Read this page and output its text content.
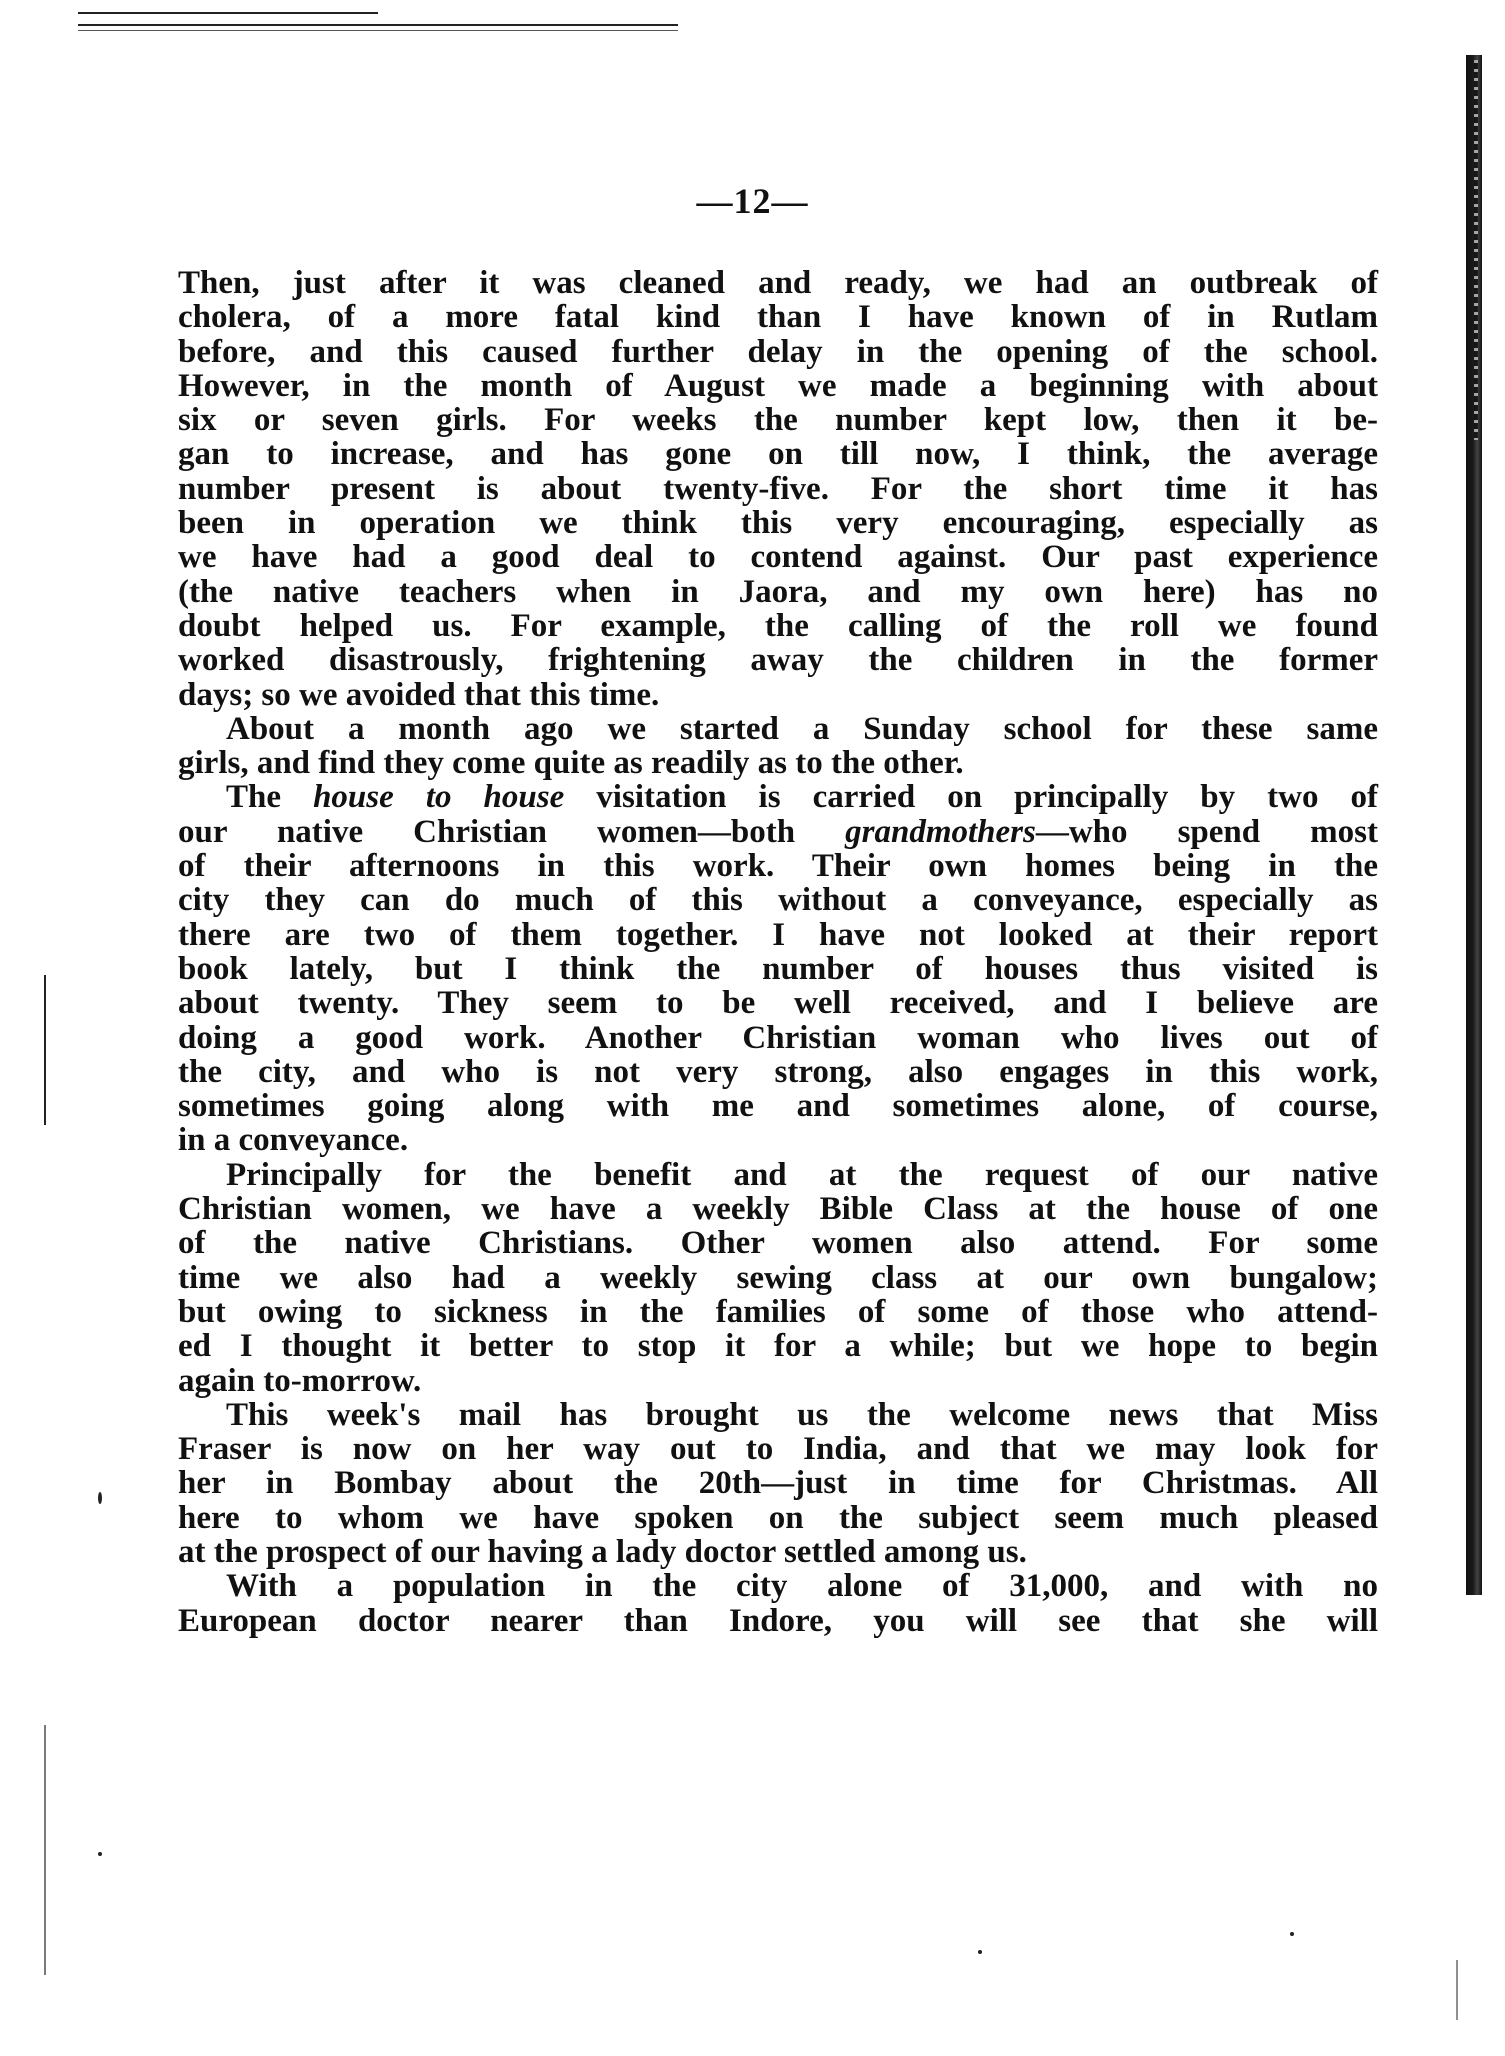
—12—
Then, just after it was cleaned and ready, we had an outbreak of
cholera, of a more fatal kind than I have known of in Rutlam
before, and this caused further delay in the opening of the school.
However, in the month of August we made a beginning with about
six or seven girls. For weeks the number kept low, then it be-
gan to increase, and has gone on till now, I think, the average
number present is about twenty-five. For the short time it has
been in operation we think this very encouraging, especially as
we have had a good deal to contend against. Our past experience
(the native teachers when in Jaora, and my own here) has no
doubt helped us. For example, the calling of the roll we found
worked disastrously, frightening away the children in the former
days; so we avoided that this time.
About a month ago we started a Sunday school for these same
girls, and find they come quite as readily as to the other.
The house to house visitation is carried on principally by two of
our native Christian women—both grandmothers—who spend most
of their afternoons in this work. Their own homes being in the
city they can do much of this without a conveyance, especially as
there are two of them together. I have not looked at their report
book lately, but I think the number of houses thus visited is
about twenty. They seem to be well received, and I believe are
doing a good work. Another Christian woman who lives out of
the city, and who is not very strong, also engages in this work,
sometimes going along with me and sometimes alone, of course,
in a conveyance.
Principally for the benefit and at the request of our native
Christian women, we have a weekly Bible Class at the house of one
of the native Christians. Other women also attend. For some
time we also had a weekly sewing class at our own bungalow;
but owing to sickness in the families of some of those who attend-
ed I thought it better to stop it for a while; but we hope to begin
again to-morrow.
This week's mail has brought us the welcome news that Miss
Fraser is now on her way out to India, and that we may look for
her in Bombay about the 20th—just in time for Christmas. All
here to whom we have spoken on the subject seem much pleased
at the prospect of our having a lady doctor settled among us.
With a population in the city alone of 31,000, and with no
European doctor nearer than Indore, you will see that she will
